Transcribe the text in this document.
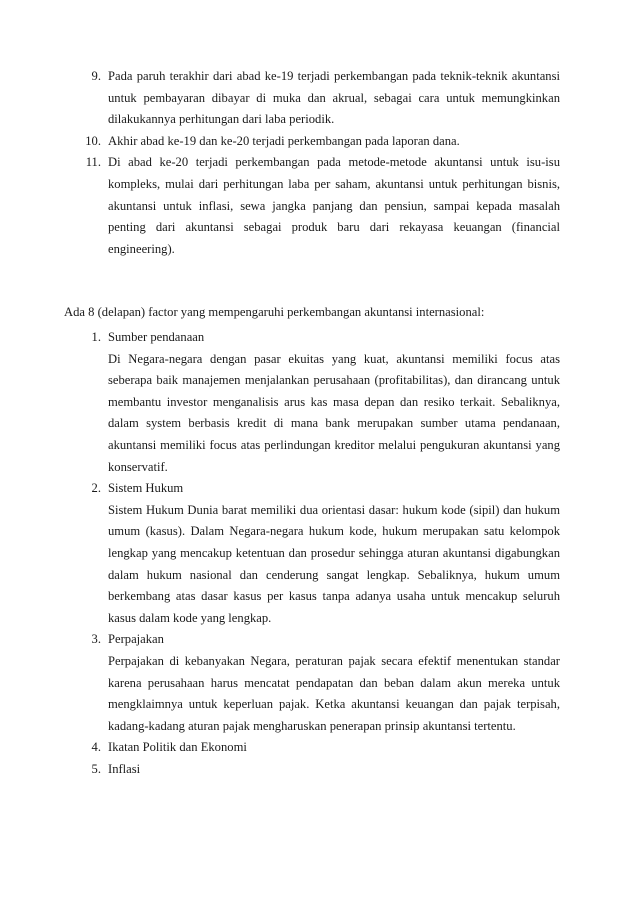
9. Pada paruh terakhir dari abad ke-19 terjadi perkembangan pada teknik-teknik akuntansi untuk pembayaran dibayar di muka dan akrual, sebagai cara untuk memungkinkan dilakukannya perhitungan dari laba periodik.
10. Akhir abad ke-19 dan ke-20 terjadi perkembangan pada laporan dana.
11. Di abad ke-20 terjadi perkembangan pada metode-metode akuntansi untuk isu-isu kompleks, mulai dari perhitungan laba per saham, akuntansi untuk perhitungan bisnis, akuntansi untuk inflasi, sewa jangka panjang dan pensiun, sampai kepada masalah penting dari akuntansi sebagai produk baru dari rekayasa keuangan (financial engineering).

Ada 8 (delapan) factor yang mempengaruhi perkembangan akuntansi internasional:

1. Sumber pendanaan
Di Negara-negara dengan pasar ekuitas yang kuat, akuntansi memiliki focus atas seberapa baik manajemen menjalankan perusahaan (profitabilitas), dan dirancang untuk membantu investor menganalisis arus kas masa depan dan resiko terkait. Sebaliknya, dalam system berbasis kredit di mana bank merupakan sumber utama pendanaan, akuntansi memiliki focus atas perlindungan kreditor melalui pengukuran akuntansi yang konservatif.
2. Sistem Hukum
Sistem Hukum Dunia barat memiliki dua orientasi dasar: hukum kode (sipil) dan hukum umum (kasus). Dalam Negara-negara hukum kode, hukum merupakan satu kelompok lengkap yang mencakup ketentuan dan prosedur sehingga aturan akuntansi digabungkan dalam hukum nasional dan cenderung sangat lengkap. Sebaliknya, hukum umum berkembang atas dasar kasus per kasus tanpa adanya usaha untuk mencakup seluruh kasus dalam kode yang lengkap.
3. Perpajakan
Perpajakan di kebanyakan Negara, peraturan pajak secara efektif menentukan standar karena perusahaan harus mencatat pendapatan dan beban dalam akun mereka untuk mengklaimnya untuk keperluan pajak. Ketka akuntansi keuangan dan pajak terpisah, kadang-kadang aturan pajak mengharuskan penerapan prinsip akuntansi tertentu.
4. Ikatan Politik dan Ekonomi
5. Inflasi
